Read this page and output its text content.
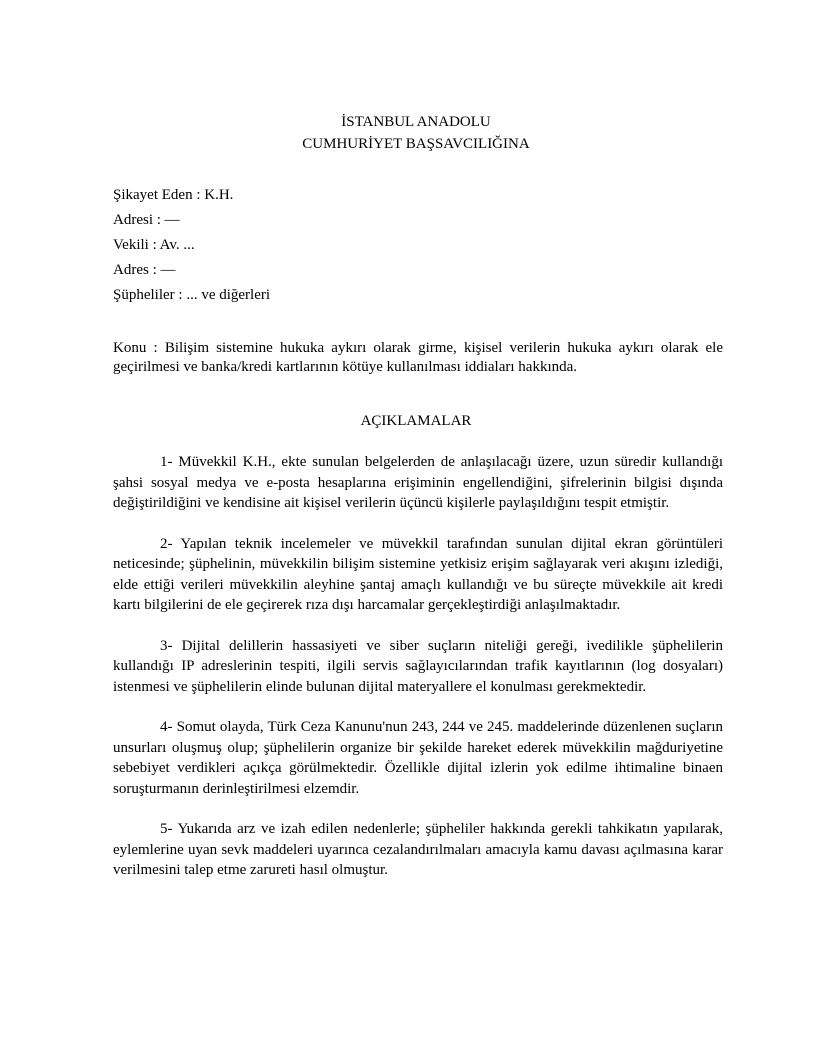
İSTANBUL ANADOLU
CUMHURİYET BAŞSAVCILIĞINA
Şikayet Eden : K.H.
Adresi : —
Vekili : Av. ...
Adres : —
Şüpheliler : ... ve diğerleri
Konu : Bilişim sistemine hukuka aykırı olarak girme, kişisel verilerin hukuka aykırı olarak ele geçirilmesi ve banka/kredi kartlarının kötüye kullanılması iddiaları hakkında.
AÇIKLAMALAR

1- Müvekkil K.H., ekte sunulan belgelerden de anlaşılacağı üzere, uzun süredir kullandığı şahsi sosyal medya ve e-posta hesaplarına erişiminin engellendiğini, şifrelerinin bilgisi dışında değiştirildiğini ve kendisine ait kişisel verilerin üçüncü kişilerle paylaşıldığını tespit etmiştir.

2- Yapılan teknik incelemeler ve müvekkil tarafından sunulan dijital ekran görüntüleri neticesinde; şüphelinin, müvekkilin bilişim sistemine yetkisiz erişim sağlayarak veri akışını izlediği, elde ettiği verileri müvekkilin aleyhine şantaj amaçlı kullandığı ve bu süreçte müvekkile ait kredi kartı bilgilerini de ele geçirerek rıza dışı harcamalar gerçekleştirdiği anlaşılmaktadır.

3- Dijital delillerin hassasiyeti ve siber suçların niteliği gereği, ivedilikle şüphelilerin kullandığı IP adreslerinin tespiti, ilgili servis sağlayıcılarından trafik kayıtlarının (log dosyaları) istenmesi ve şüphelilerin elinde bulunan dijital materyallere el konulması gerekmektedir.

4- Somut olayda, Türk Ceza Kanunu'nun 243, 244 ve 245. maddelerinde düzenlenen suçların unsurları oluşmuş olup; şüphelilerin organize bir şekilde hareket ederek müvekkilin mağduriyetine sebebiyet verdikleri açıkça görülmektedir. Özellikle dijital izlerin yok edilme ihtimaline binaen soruşturmanın derinleştirilmesi elzemdir.

5- Yukarıda arz ve izah edilen nedenlerle; şüpheliler hakkında gerekli tahkikatın yapılarak, eylemlerine uyan sevk maddeleri uyarınca cezalandırılmaları amacıyla kamu davası açılmasına karar verilmesini talep etme zarureti hasıl olmuştur.
